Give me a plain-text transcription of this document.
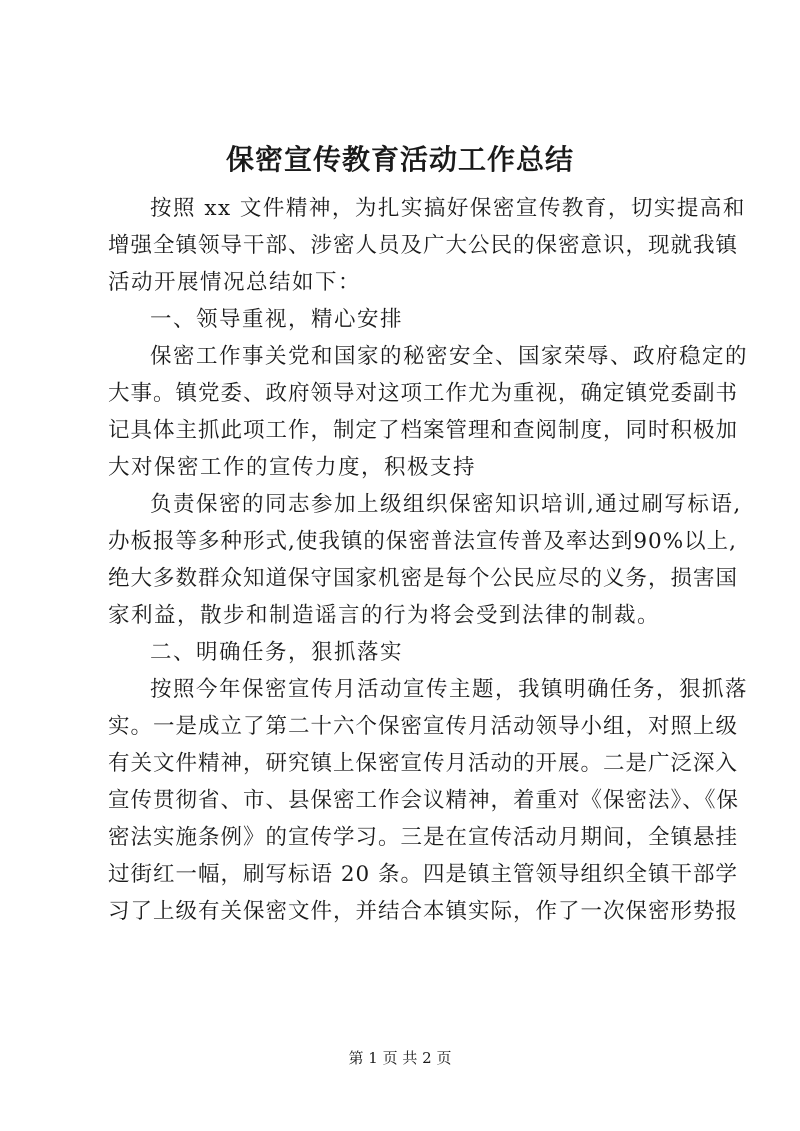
保密宣传教育活动工作总结
按照 xx 文件精神，为扎实搞好保密宣传教育，切实提高和
增强全镇领导干部、涉密人员及广大公民的保密意识，现就我镇
活动开展情况总结如下：
一、领导重视，精心安排
保密工作事关党和国家的秘密安全、国家荣辱、政府稳定的
大事。镇党委、政府领导对这项工作尤为重视，确定镇党委副书
记具体主抓此项工作，制定了档案管理和查阅制度，同时积极加
大对保密工作的宣传力度，积极支持
负责保密的同志参加上级组织保密知识培训,通过刷写标语,
办板报等多种形式,使我镇的保密普法宣传普及率达到90%以上,
绝大多数群众知道保守国家机密是每个公民应尽的义务，损害国
家利益，散步和制造谣言的行为将会受到法律的制裁。
二、明确任务，狠抓落实
按照今年保密宣传月活动宣传主题，我镇明确任务，狠抓落
实。一是成立了第二十六个保密宣传月活动领导小组，对照上级
有关文件精神，研究镇上保密宣传月活动的开展。二是广泛深入
宣传贯彻省、市、县保密工作会议精神，着重对《保密法》、《保
密法实施条例》的宣传学习。三是在宣传活动月期间，全镇悬挂
过街红一幅，刷写标语 20 条。四是镇主管领导组织全镇干部学
习了上级有关保密文件，并结合本镇实际，作了一次保密形势报
第 1 页 共 2 页
